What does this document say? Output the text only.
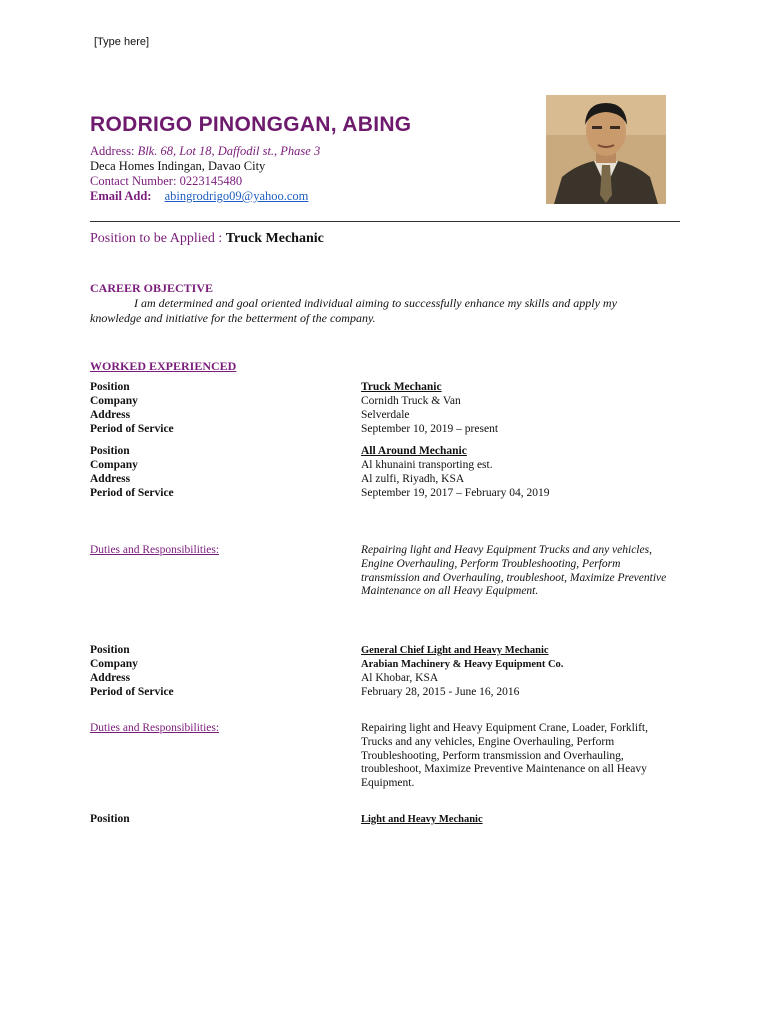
[Type here]
RODRIGO PINONGGAN, ABING
Address: Blk. 68, Lot 18, Daffodil st., Phase 3
Deca Homes Indingan, Davao City
Contact Number: 0223145480
Email Add: abingrodrigo09@yahoo.com
Position to be Applied : Truck Mechanic
CAREER OBJECTIVE
I am determined and goal oriented individual aiming to successfully enhance my skills and apply my knowledge and initiative for the betterment of the company.
WORKED EXPERIENCED
Position	Truck Mechanic
Company	Cornidh Truck & Van
Address	Selverdale
Period of Service	September 10, 2019 – present
Position	All Around Mechanic
Company	Al khunaini transporting est.
Address	Al zulfi, Riyadh, KSA
Period of Service	September 19, 2017 – February 04, 2019
Duties and Responsibilities:	Repairing light and Heavy Equipment Trucks and any vehicles, Engine Overhauling, Perform Troubleshooting, Perform transmission and Overhauling, troubleshoot, Maximize Preventive Maintenance on all Heavy Equipment.
Position	General Chief Light and Heavy Mechanic
Company	Arabian Machinery & Heavy Equipment Co.
Address	Al Khobar, KSA
Period of Service	February 28, 2015 - June 16, 2016
Duties and Responsibilities:	Repairing light and Heavy Equipment Crane, Loader, Forklift, Trucks and any vehicles, Engine Overhauling, Perform Troubleshooting, Perform transmission and Overhauling, troubleshoot, Maximize Preventive Maintenance on all Heavy Equipment.
Position	Light and Heavy Mechanic
